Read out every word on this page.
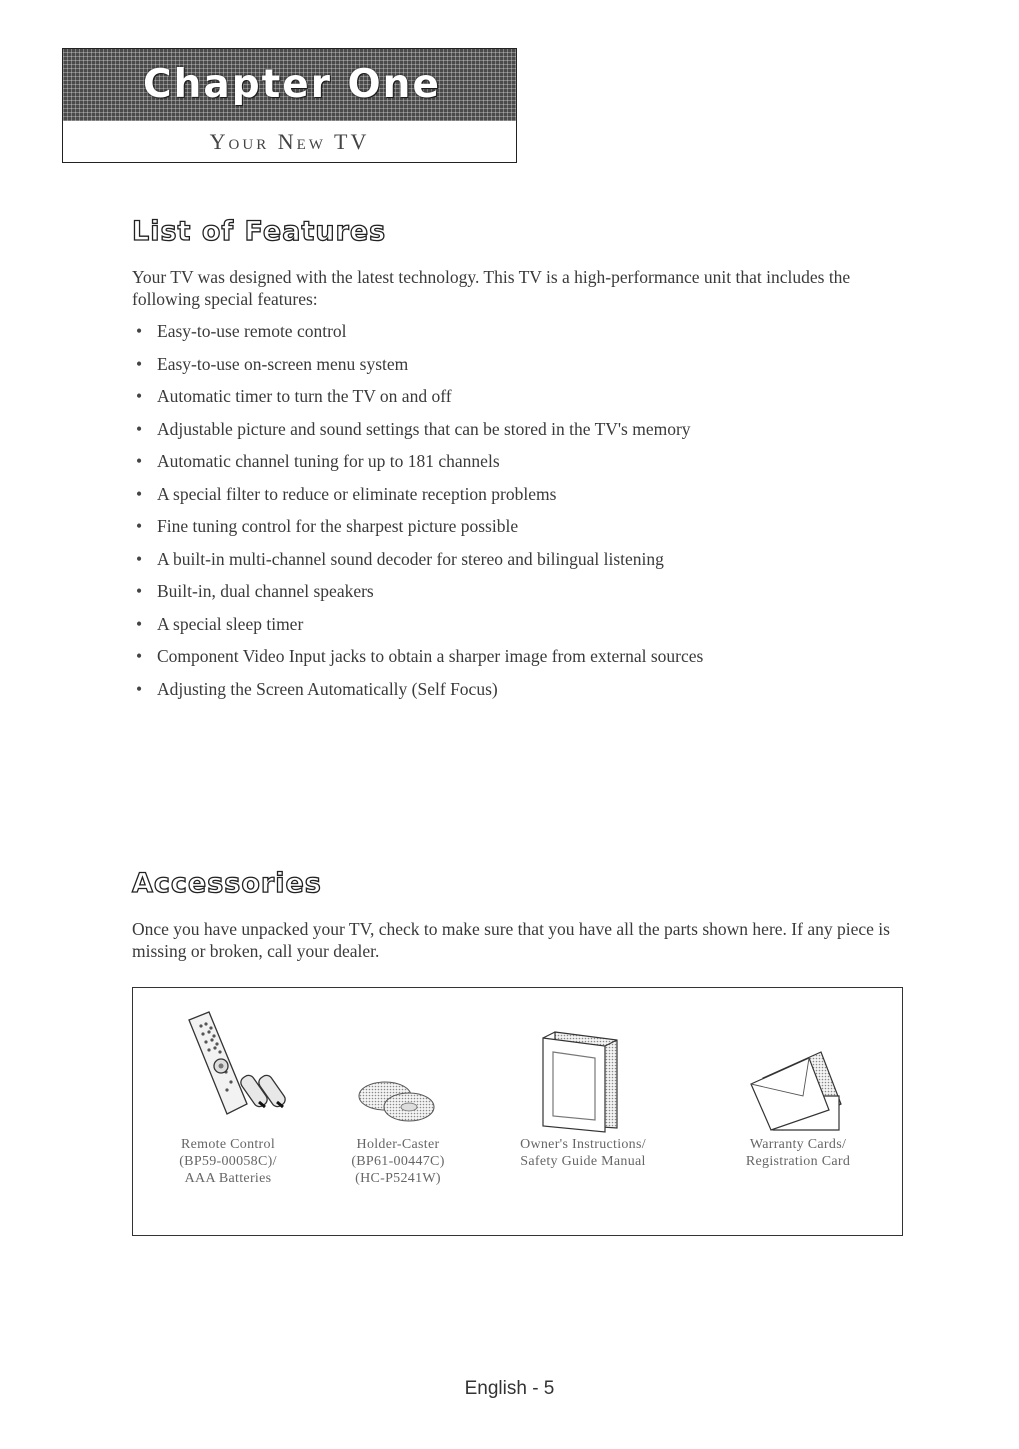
Chapter One
Your New TV
List of Features

Your TV was designed with the latest technology. This TV is a high-performance unit that includes the following special features:

• Easy-to-use remote control
• Easy-to-use on-screen menu system
• Automatic timer to turn the TV on and off
• Adjustable picture and sound settings that can be stored in the TV's memory
• Automatic channel tuning for up to 181 channels
• A special filter to reduce or eliminate reception problems
• Fine tuning control for the sharpest picture possible
• A built-in multi-channel sound decoder for stereo and bilingual listening
• Built-in, dual channel speakers
• A special sleep timer
• Component Video Input jacks to obtain a sharper image from external sources
• Adjusting the Screen Automatically (Self Focus)
Accessories

Once you have unpacked your TV, check to make sure that you have all the parts shown here. If any piece is missing or broken, call your dealer.

Remote Control
(BP59-00058C)/
AAA Batteries
Holder-Caster
(BP61-00447C)
(HC-P5241W)
Owner's Instructions/
Safety Guide Manual
Warranty Cards/
Registration Card
English - 5
